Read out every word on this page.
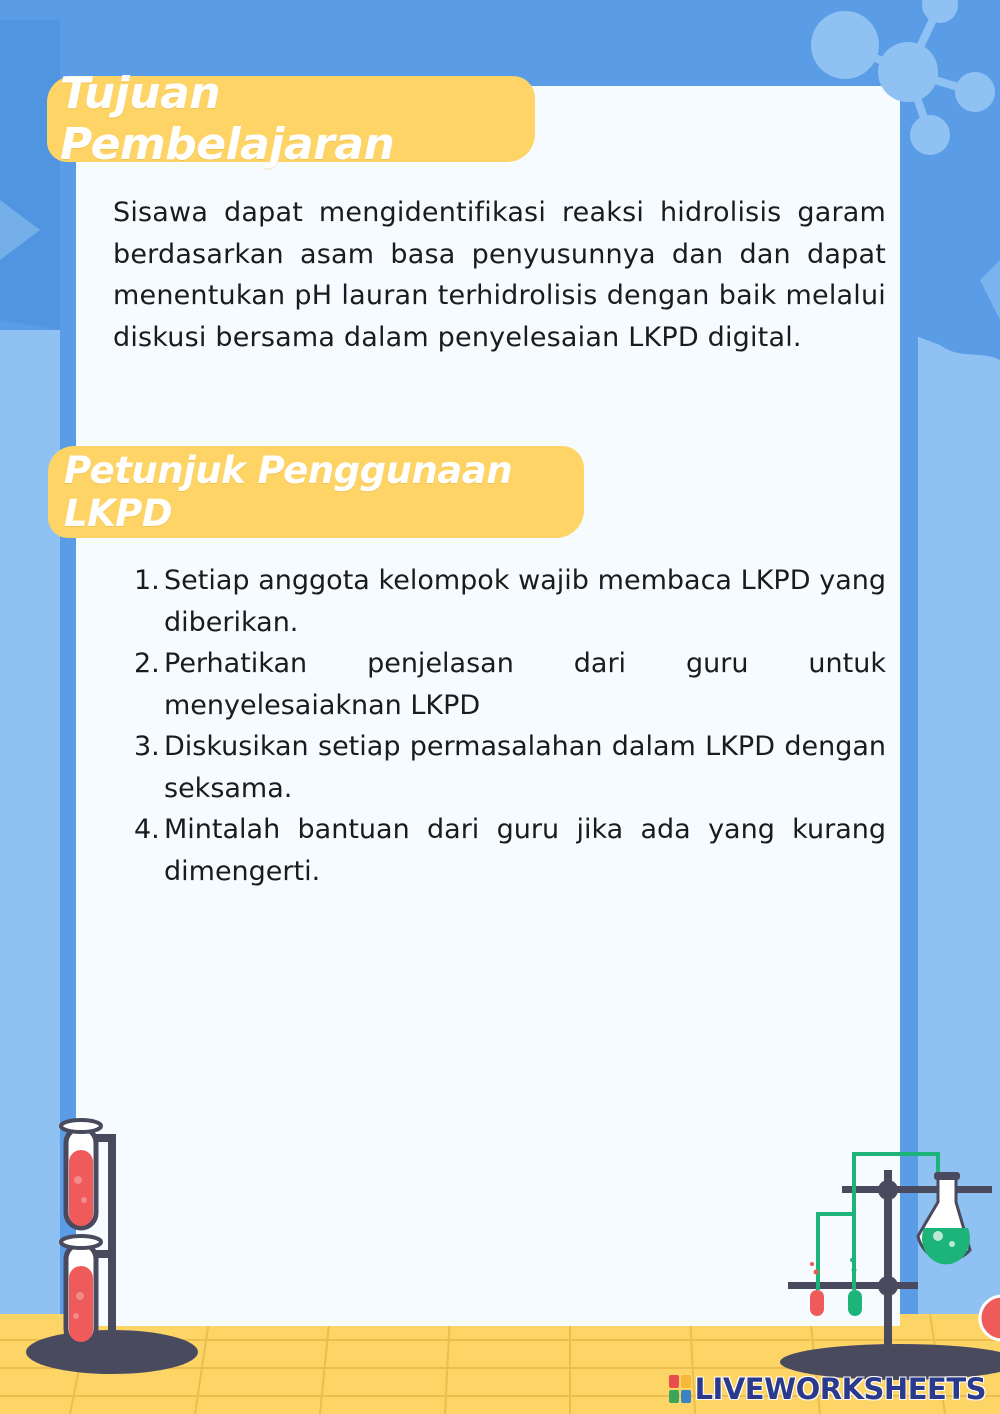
Tujuan Pembelajaran
Sisawa dapat mengidentifikasi reaksi hidrolisis garam berdasarkan asam basa penyusunnya dan dan dapat menentukan pH lauran terhidrolisis dengan baik melalui diskusi bersama dalam penyelesaian LKPD digital.
Petunjuk Penggunaan LKPD
1. Setiap anggota kelompok wajib membaca LKPD yang diberikan.
2. Perhatikan penjelasan dari guru untuk menyelesaiaknan LKPD
3. Diskusikan setiap permasalahan dalam LKPD dengan seksama.
4. Mintalah bantuan dari guru jika ada yang kurang dimengerti.
LIVEWORKSHEETS
